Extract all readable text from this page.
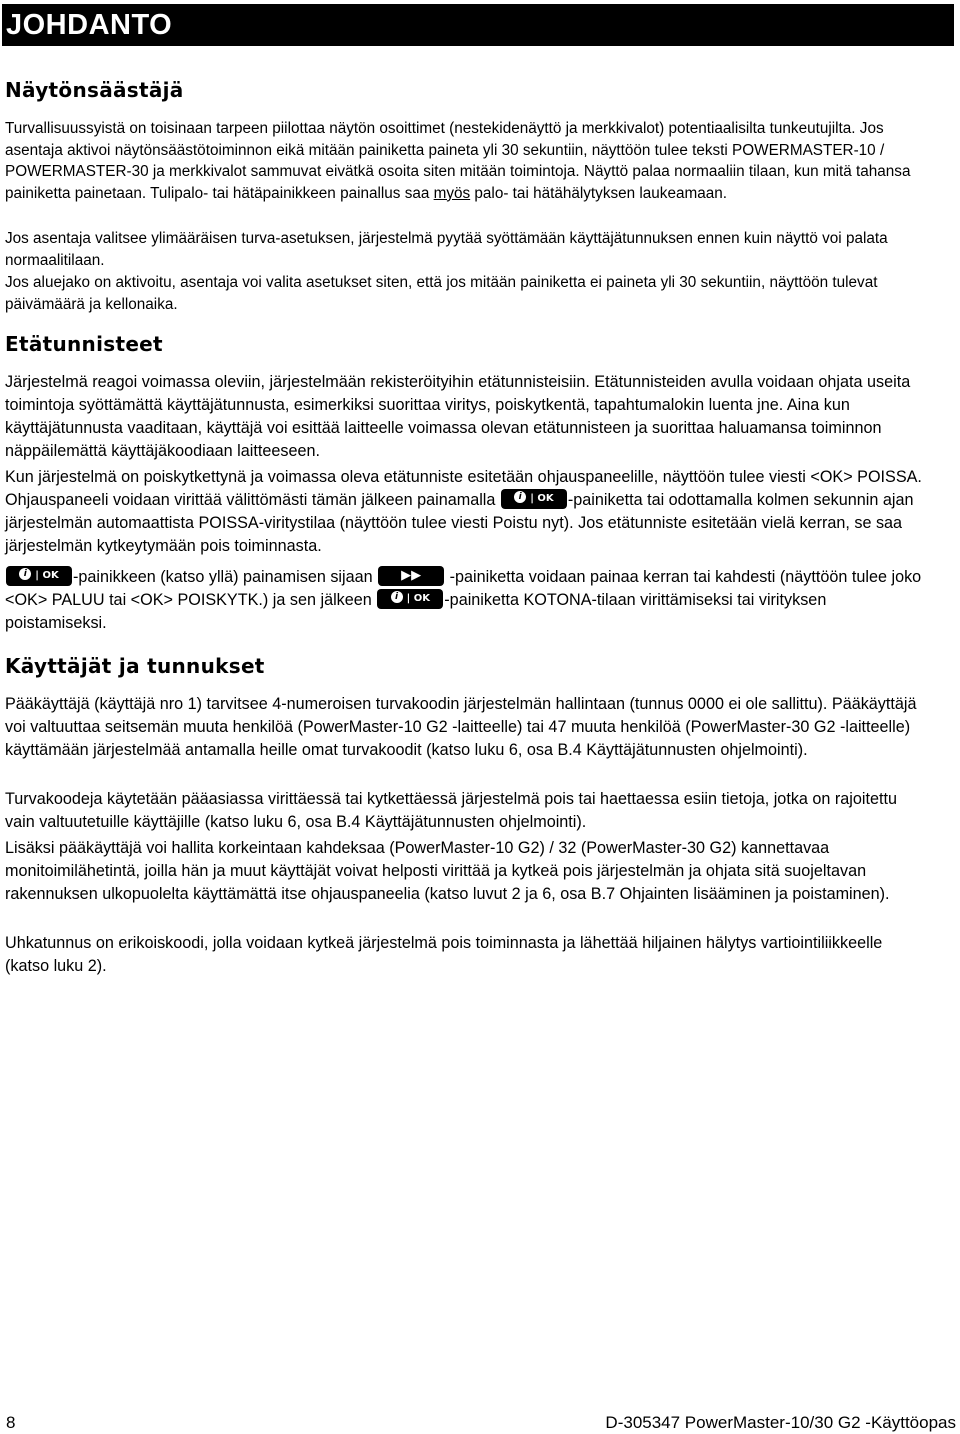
JOHDANTO
Näytönsäästäjä

Turvallisuussyistä on toisinaan tarpeen piilottaa näytön osoittimet (nestekidenäyttö ja merkkivalot) potentiaalisilta tunkeutujilta. Jos asentaja aktivoi näytönsäästötoiminnon eikä mitään painiketta paineta yli 30 sekuntiin, näyttöön tulee teksti POWERMASTER-10 / POWERMASTER-30 ja merkkivalot sammuvat eivätkä osoita siten mitään toimintoja. Näyttö palaa normaaliin tilaan, kun mitä tahansa painiketta painetaan. Tulipalo- tai hätäpainikkeen painallus saa myös palo- tai hätähälytyksen laukeamaan.

Jos asentaja valitsee ylimääräisen turva-asetuksen, järjestelmä pyytää syöttämään käyttäjätunnuksen ennen kuin näyttö voi palata normaalitilaan.

Jos aluejako on aktivoitu, asentaja voi valita asetukset siten, että jos mitään painiketta ei paineta yli 30 sekuntiin, näyttöön tulevat päivämäärä ja kellonaika.

Etätunnisteet

Järjestelmä reagoi voimassa oleviin, järjestelmään rekisteröityihin etätunnisteisiin. Etätunnisteiden avulla voidaan ohjata useita toimintoja syöttämättä käyttäjätunnusta, esimerkiksi suorittaa viritys, poiskytkentä, tapahtumalokin luenta jne. Aina kun käyttäjätunnusta vaaditaan, käyttäjä voi esittää laitteelle voimassa olevan etätunnisteen ja suorittaa haluamansa toiminnon näppäilemättä käyttäjäkoodiaan laitteeseen.

Kun järjestelmä on poiskytkettynä ja voimassa oleva etätunniste esitetään ohjauspaneelille, näyttöön tulee viesti <OK> POISSA. Ohjauspaneeli voidaan virittää välittömästi tämän jälkeen painamalla i | OK -painiketta tai odottamalla kolmen sekunnin ajan järjestelmän automaattista POISSA-viritystilaa (näyttöön tulee viesti Poistu nyt). Jos etätunniste esitetään vielä kerran, se saa järjestelmän kytkeytymään pois toiminnasta.

i | OK -painikkeen (katso yllä) painamisen sijaan ▶▶ -painiketta voidaan painaa kerran tai kahdesti (näyttöön tulee joko <OK> PALUU tai <OK> POISKYTK.) ja sen jälkeen i | OK -painiketta KOTONA-tilaan virittämiseksi tai virityksen poistamiseksi.

Käyttäjät ja tunnukset

Pääkäyttäjä (käyttäjä nro 1) tarvitsee 4-numeroisen turvakoodin järjestelmän hallintaan (tunnus 0000 ei ole sallittu). Pääkäyttäjä voi valtuuttaa seitsemän muuta henkilöä (PowerMaster-10 G2 -laitteelle) tai 47 muuta henkilöä (PowerMaster-30 G2 -laitteelle) käyttämään järjestelmää antamalla heille omat turvakoodit (katso luku 6, osa B.4 Käyttäjätunnusten ohjelmointi).

Turvakoodeja käytetään pääasiassa virittäessä tai kytkettäessä järjestelmä pois tai haettaessa esiin tietoja, jotka on rajoitettu vain valtuutetuille käyttäjille (katso luku 6, osa B.4 Käyttäjätunnusten ohjelmointi).

Lisäksi pääkäyttäjä voi hallita korkeintaan kahdeksaa (PowerMaster-10 G2) / 32 (PowerMaster-30 G2) kannettavaa monitoimilähetintä, joilla hän ja muut käyttäjät voivat helposti virittää ja kytkeä pois järjestelmän ja ohjata sitä suojeltavan rakennuksen ulkopuolelta käyttämättä itse ohjauspaneelia (katso luvut 2 ja 6, osa B.7 Ohjainten lisääminen ja poistaminen).

Uhkatunnus on erikoiskoodi, jolla voidaan kytkeä järjestelmä pois toiminnasta ja lähettää hiljainen hälytys vartiointiliikkeelle (katso luku 2).

8	D-305347 PowerMaster-10/30 G2 -Käyttöopas
